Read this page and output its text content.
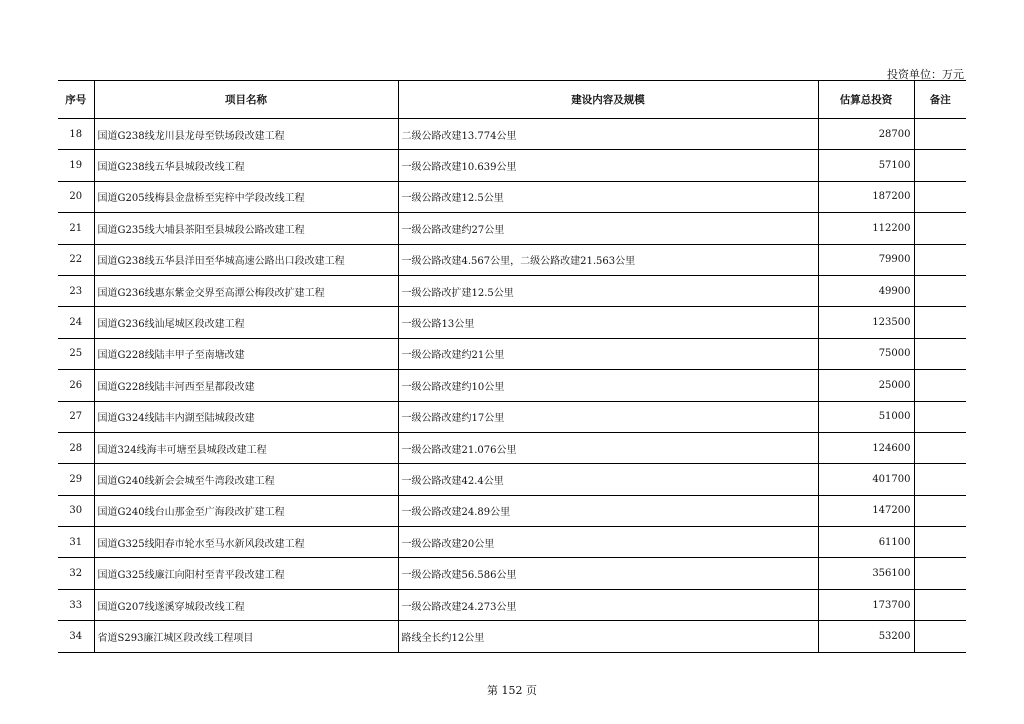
投资单位：万元
序号	项目名称	建设内容及规模	估算总投资	备注
18	国道G238线龙川县龙母至铁场段改建工程	二级公路改建13.774公里	28700	
19	国道G238线五华县城段改线工程	一级公路改建10.639公里	57100	
20	国道G205线梅县金盘桥至宪梓中学段改线工程	一级公路改建12.5公里	187200	
21	国道G235线大埔县茶阳至县城段公路改建工程	一级公路改建约27公里	112200	
22	国道G238线五华县洋田至华城高速公路出口段改建工程	一级公路改建4.567公里，二级公路改建21.563公里	79900	
23	国道G236线惠东紫金交界至高潭公梅段改扩建工程	一级公路改扩建12.5公里	49900	
24	国道G236线汕尾城区段改建工程	一级公路13公里	123500	
25	国道G228线陆丰甲子至南塘改建	一级公路改建约21公里	75000	
26	国道G228线陆丰河西至星都段改建	一级公路改建约10公里	25000	
27	国道G324线陆丰内湖至陆城段改建	一级公路改建约17公里	51000	
28	国道324线海丰可塘至县城段改建工程	一级公路改建21.076公里	124600	
29	国道G240线新会会城至牛湾段改建工程	一级公路改建42.4公里	401700	
30	国道G240线台山那金至广海段改扩建工程	一级公路改建24.89公里	147200	
31	国道G325线阳春市轮水至马水新风段改建工程	一级公路改建20公里	61100	
32	国道G325线廉江向阳村至青平段改建工程	一级公路改建56.586公里	356100	
33	国道G207线遂溪穿城段改线工程	一级公路改建24.273公里	173700	
34	省道S293廉江城区段改线工程项目	路线全长约12公里	53200	
第 152 页
